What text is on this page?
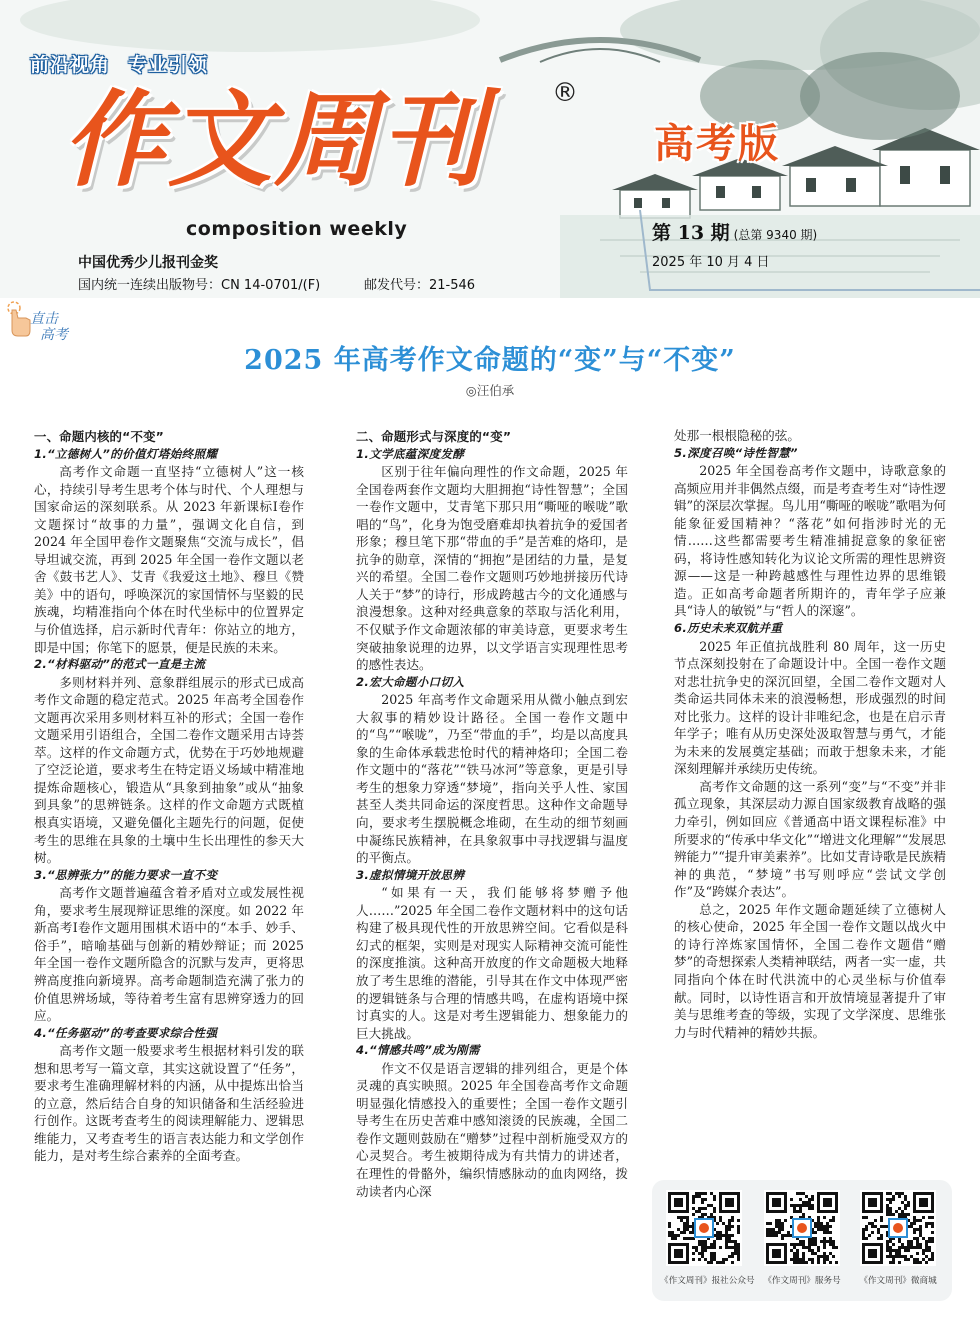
前沿视角 专业引领
作文周刊	®
composition weekly
中国优秀少儿报刊金奖
国内统一连续出版物号：CN 14-0701/(F)	邮发代号：21-546
高考版
第 13 期 (总第 9340 期)
2025 年 10 月 4 日
直击
高考
2025 年高考作文命题的“变”与“不变”
◎汪伯承
一、命题内核的“不变”
1.“立德树人”的价值灯塔始终照耀

高考作文命题一直坚持“立德树人”这一核心，持续引导考生思考个体与时代、个人理想与国家命运的深刻联系。从 2023 年新课标Ⅰ卷作文题探讨“故事的力量”，强调文化自信，到 2024 年全国甲卷作文题聚焦“交流与成长”，倡导坦诚交流，再到 2025 年全国一卷作文题以老舍《鼓书艺人》、艾青《我爱这土地》、穆旦《赞美》中的语句，呼唤深沉的家国情怀与坚毅的民族魂，均精准指向个体在时代坐标中的位置界定与价值选择，启示新时代青年：你站立的地方，即是中国；你笔下的愿景，便是民族的未来。

2.“材料驱动”的范式一直是主流

多则材料并列、意象群组展示的形式已成高考作文命题的稳定范式。2025 年高考全国卷作文题再次采用多则材料互补的形式；全国一卷作文题采用引语组合，全国二卷作文题采用古诗荟萃。这样的作文命题方式，优势在于巧妙地规避了空泛论道，要求考生在特定语义场域中精准地提炼命题核心，锻造从“具象到抽象”或从“抽象到具象”的思辨链条。这样的作文命题方式既植根真实语境，又避免僵化主题先行的问题，促使考生的思维在具象的土壤中生长出理性的参天大树。

3.“思辨张力”的能力要求一直不变

高考作文题普遍蕴含着矛盾对立或发展性视角，要求考生展现辩证思维的深度。如 2022 年新高考Ⅰ卷作文题用围棋术语中的“本手、妙手、俗手”，暗喻基础与创新的精妙辩证；而 2025 年全国一卷作文题所隐含的沉默与发声，更将思辨高度推向新境界。高考命题制造充满了张力的价值思辨场域，等待着考生富有思辨穿透力的回应。

4.“任务驱动”的考查要求综合性强

高考作文题一般要求考生根据材料引发的联想和思考写一篇文章，其实这就设置了“任务”，要求考生准确理解材料的内涵，从中提炼出恰当的立意，然后结合自身的知识储备和生活经验进行创作。这既考查考生的阅读理解能力、逻辑思维能力，又考查考生的语言表达能力和文学创作能力，是对考生综合素养的全面考查。

二、命题形式与深度的“变”
1.文学底蕴深度发酵

区别于往年偏向理性的作文命题，2025 年全国卷两套作文题均大胆拥抱“诗性智慧”；全国一卷作文题中，艾青笔下那只用“嘶哑的喉咙”歌唱的“鸟”，化身为饱受磨难却执着抗争的爱国者形象；穆旦笔下那“带血的手”是苦难的烙印，是抗争的勋章，深情的“拥抱”是团结的力量，是复兴的希望。全国二卷作文题则巧妙地拼接历代诗人关于“梦”的诗行，形成跨越古今的文化通感与浪漫想象。这种对经典意象的萃取与活化利用，不仅赋予作文命题浓郁的审美诗意，更要求考生突破抽象说理的边界，以文学语言实现理性思考的感性表达。

2.宏大命题小口切入

2025 年高考作文命题采用从微小触点到宏大叙事的精妙设计路径。全国一卷作文题中的“鸟”“喉咙”，乃至“带血的手”，均是以高度具象的生命体承载悲怆时代的精神烙印；全国二卷作文题中的“落花”“铁马冰河”等意象，更是引导考生的想象力穿透“梦境”，指向关乎人性、家国甚至人类共同命运的深度哲思。这种作文命题导向，要求考生摆脱概念堆砌，在生动的细节刻画中凝练民族精神，在具象叙事中寻找逻辑与温度的平衡点。

3.虚拟情境开放思辨

“如果有一天，我们能够将梦赠予他人……”2025 年全国二卷作文题材料中的这句话构建了极具现代性的开放思辨空间。它看似是科幻式的框架，实则是对现实人际精神交流可能性的深度推演。这种高开放度的作文命题极大地释放了考生思维的潜能，引导其在作文中体现严密的逻辑链条与合理的情感共鸣，在虚构语境中探讨真实的人。这是对考生逻辑能力、想象能力的巨大挑战。

4.“情感共鸣”成为刚需

作文不仅是语言逻辑的排列组合，更是个体灵魂的真实映照。2025 年全国卷高考作文命题明显强化情感投入的重要性；全国一卷作文题引导考生在历史苦难中感知滚烫的民族魂，全国二卷作文题则鼓励在“赠梦”过程中剖析施受双方的心灵契合。考生被期待成为有共情力的讲述者，在理性的骨骼外，编织情感脉动的血肉网络，拨动读者内心深

处那一根根隐秘的弦。

5.深度召唤“诗性智慧”

2025 年全国卷高考作文题中，诗歌意象的高频应用并非偶然点缀，而是考查考生对“诗性逻辑”的深层次掌握。鸟儿用“嘶哑的喉咙”歌唱为何能象征爱国精神？“落花”如何指涉时光的无情……这些都需要考生精准捕捉意象的象征密码，将诗性感知转化为议论文所需的理性思辨资源——这是一种跨越感性与理性边界的思维锻造。正如高考命题者所期许的，青年学子应兼具“诗人的敏锐”与“哲人的深邃”。

6.历史未来双航并重

2025 年正值抗战胜利 80 周年，这一历史节点深刻投射在了命题设计中。全国一卷作文题对悲壮抗争史的深沉回望，全国二卷作文题对人类命运共同体未来的浪漫畅想，形成强烈的时间对比张力。这样的设计非唯纪念，也是在启示青年学子；唯有从历史深处汲取智慧与勇气，才能为未来的发展奠定基础；而敢于想象未来，才能深刻理解并承续历史传统。

高考作文命题的这一系列“变”与“不变”并非孤立现象，其深层动力源自国家级教育战略的强力牵引，例如回应《普通高中语文课程标准》中所要求的“传承中华文化”“增进文化理解”“发展思辨能力”“提升审美素养”。比如艾青诗歌是民族精神的典范，“梦境”书写则呼应“尝试文学创作”及“跨媒介表达”。

总之，2025 年作文题命题延续了立德树人的核心使命，2025 年全国一卷作文题以战火中的诗行淬炼家国情怀，全国二卷作文题借“赠梦”的奇想探索人类精神联结，两者一实一虚，共同指向个体在时代洪流中的心灵坐标与价值奉献。同时，以诗性语言和开放情境显著提升了审美与思维考查的等级，实现了文学深度、思维张力与时代精神的精妙共振。

《作文周刊》报社公众号	《作文周刊》服务号	《作文周刊》微商城
